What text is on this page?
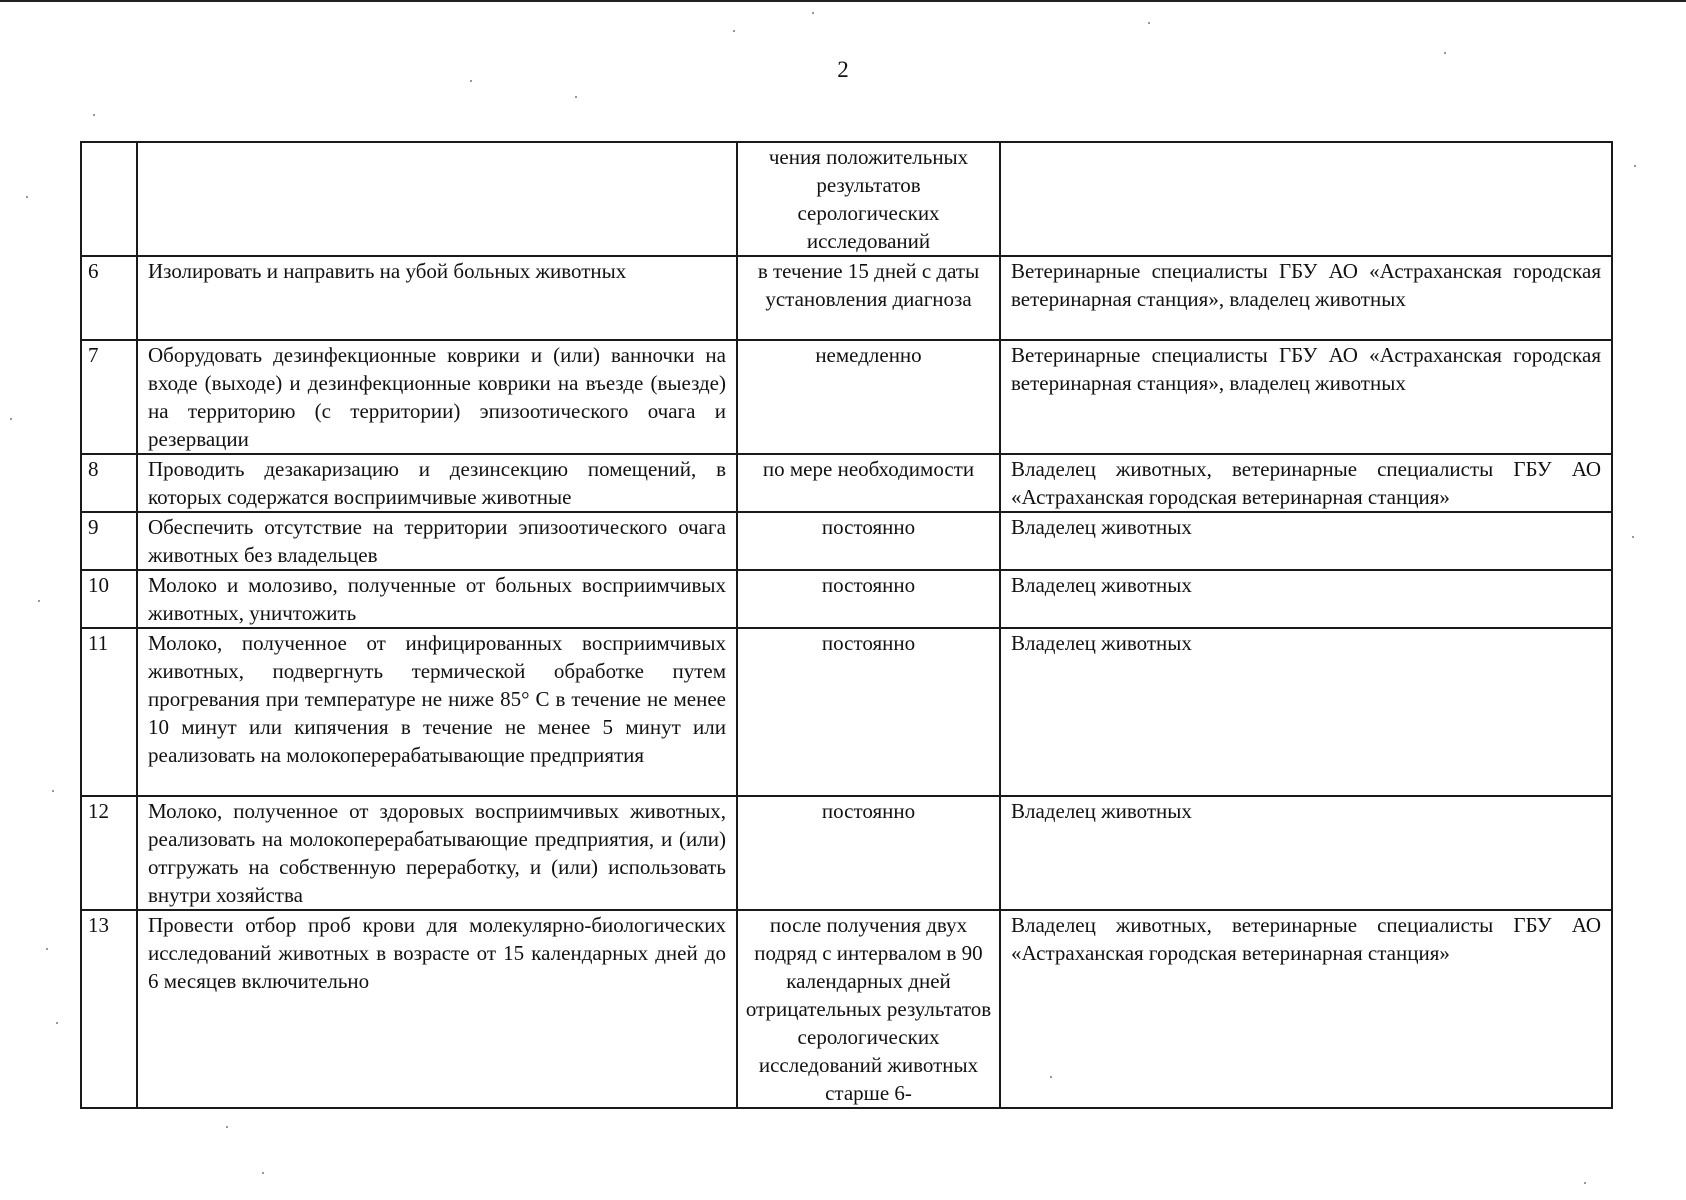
2
		чения положительных результатов серологических исследований	
6	Изолировать и направить на убой больных животных	в течение 15 дней с даты установления диагноза	Ветеринарные специалисты ГБУ АО «Астраханская городская ветеринарная станция», владелец животных
7	Оборудовать дезинфекционные коврики и (или) ванночки на входе (выходе) и дезинфекционные коврики на въезде (выезде) на территорию (с территории) эпизоотического очага и резервации	немедленно	Ветеринарные специалисты ГБУ АО «Астраханская городская ветеринарная станция», владелец животных
8	Проводить дезакаризацию и дезинсекцию помещений, в которых содержатся восприимчивые животные	по мере необходимости	Владелец животных, ветеринарные специалисты ГБУ АО «Астраханская городская ветеринарная станция»
9	Обеспечить отсутствие на территории эпизоотического очага животных без владельцев	постоянно	Владелец животных
10	Молоко и молозиво, полученные от больных восприимчивых животных, уничтожить	постоянно	Владелец животных
11	Молоко, полученное от инфицированных восприимчивых животных, подвергнуть термической обработке путем прогревания при температуре не ниже 85° С в течение не менее 10 минут или кипячения в течение не менее 5 минут или реализовать на молокоперерабатывающие предприятия	постоянно	Владелец животных
12	Молоко, полученное от здоровых восприимчивых животных, реализовать на молокоперерабатывающие предприятия, и (или) отгружать на собственную переработку, и (или) использовать внутри хозяйства	постоянно	Владелец животных
13	Провести отбор проб крови для молекулярно-биологических исследований животных в возрасте от 15 календарных дней до 6 месяцев включительно	после получения двух подряд с интервалом в 90 календарных дней отрицательных результатов серологических исследований животных старше 6-	Владелец животных, ветеринарные специалисты ГБУ АО «Астраханская городская ветеринарная станция»
